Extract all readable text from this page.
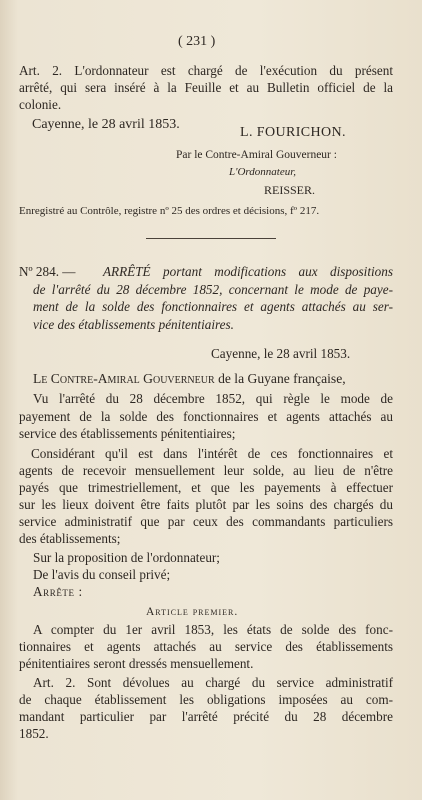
( 231 )
Art. 2. L'ordonnateur est chargé de l'exécution du présent
arrêté, qui sera inséré à la Feuille et au Bulletin officiel de la
colonie.
Cayenne, le 28 avril 1853.
L. FOURICHON.
Par le Contre-Amiral Gouverneur :
L'Ordonnateur,
REISSER.
Enregistré au Contrôle, registre nº 25 des ordres et décisions, fº 217.
Nº 284. — ARRÊTÉ portant modifications aux dispositions
de l'arrêté du 28 décembre 1852, concernant le mode de paye-
ment de la solde des fonctionnaires et agents attachés au ser-
vice des établissements pénitentiaires.
Cayenne, le 28 avril 1853.
Le Contre-Amiral Gouverneur de la Guyane française,
Vu l'arrêté du 28 décembre 1852, qui règle le mode de
payement de la solde des fonctionnaires et agents attachés au
service des établissements pénitentiaires;
Considérant qu'il est dans l'intérêt de ces fonctionnaires et
agents de recevoir mensuellement leur solde, au lieu de n'être
payés que trimestriellement, et que les payements à effectuer
sur les lieux doivent être faits plutôt par les soins des chargés du
service administratif que par ceux des commandants particuliers
des établissements;
Sur la proposition de l'ordonnateur;
De l'avis du conseil privé;
Arrête :
Article premier.
A compter du 1er avril 1853, les états de solde des fonc-
tionnaires et agents attachés au service des établissements
pénitentiaires seront dressés mensuellement.
Art. 2. Sont dévolues au chargé du service administratif
de chaque établissement les obligations imposées au com-
mandant particulier par l'arrêté précité du 28 décembre
1852.
